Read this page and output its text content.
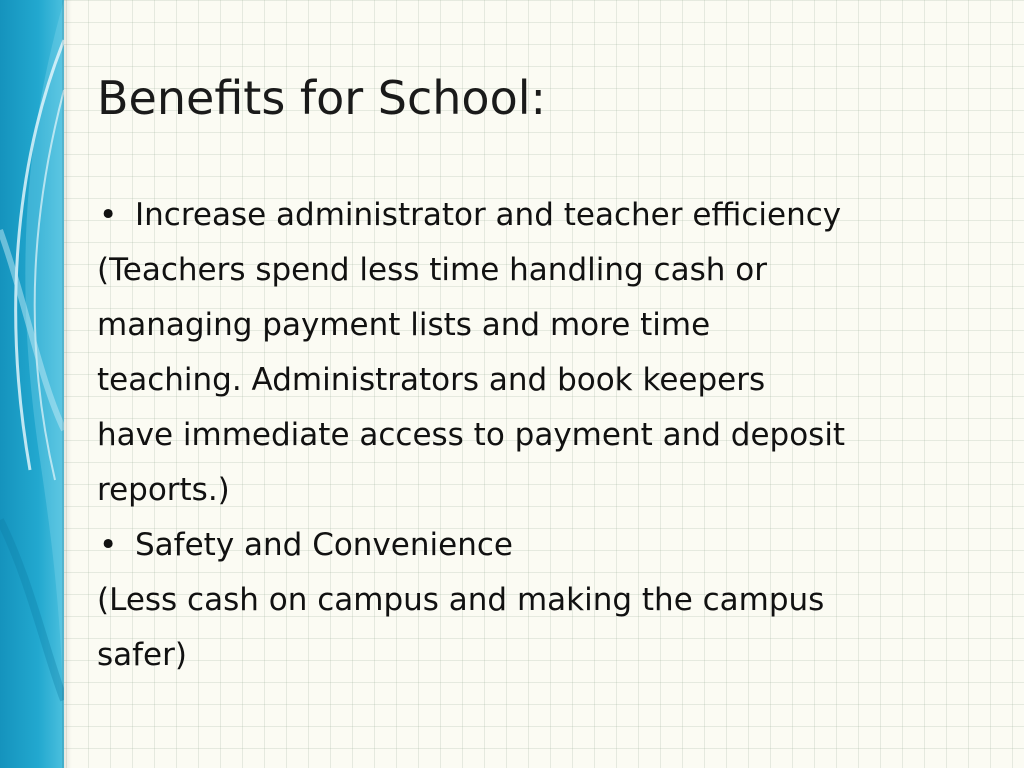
Benefits for School:
• Increase administrator and teacher efficiency
(Teachers spend less time handling cash or
managing payment lists and more time
teaching. Administrators and book keepers
have immediate access to payment and deposit
reports.)
• Safety and Convenience
(Less cash on campus and making the campus
safer)
